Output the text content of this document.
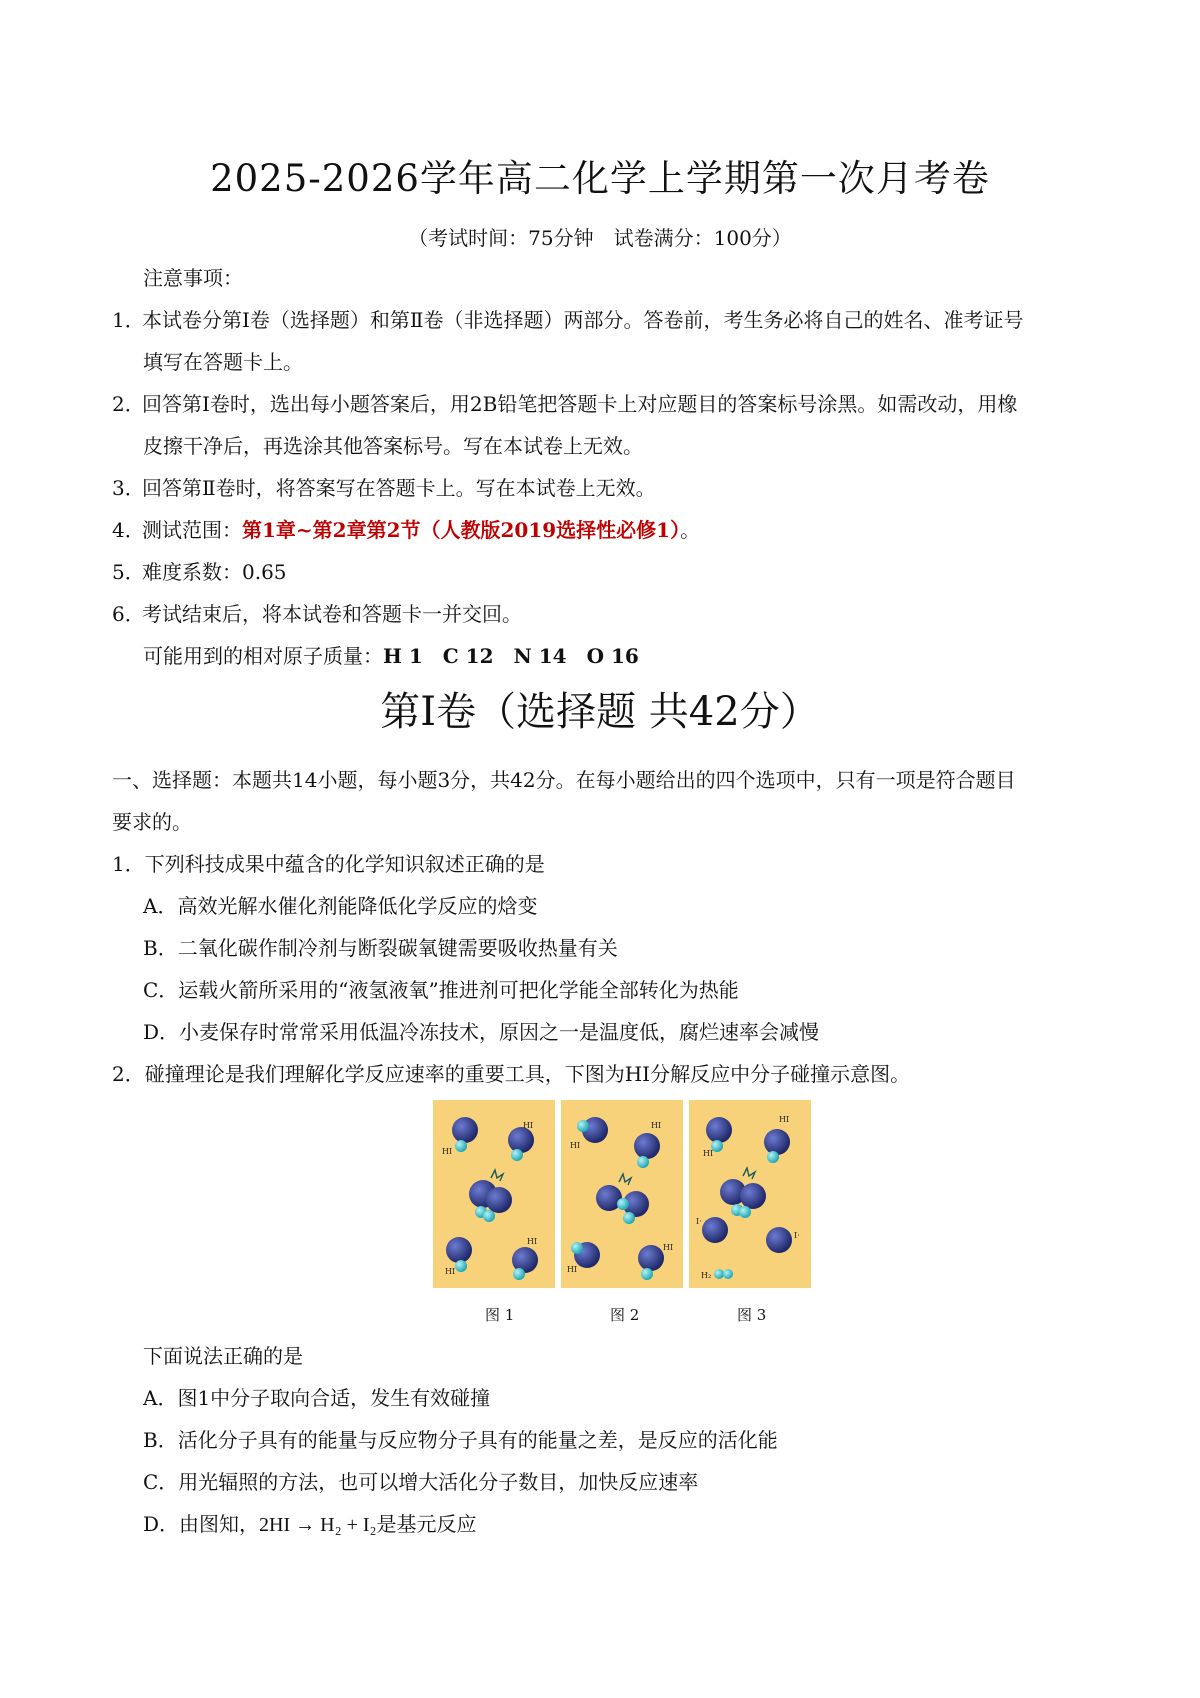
2025-2026学年高二化学上学期第一次月考卷
（考试时间：75分钟　试卷满分：100分）
注意事项：
1．本试卷分第Ⅰ卷（选择题）和第Ⅱ卷（非选择题）两部分。答卷前，考生务必将自己的姓名、准考证号
填写在答题卡上。
2．回答第Ⅰ卷时，选出每小题答案后，用2B铅笔把答题卡上对应题目的答案标号涂黑。如需改动，用橡
皮擦干净后，再选涂其他答案标号。写在本试卷上无效。
3．回答第Ⅱ卷时，将答案写在答题卡上。写在本试卷上无效。
4．测试范围：第1章~第2章第2节（人教版2019选择性必修1）。
5．难度系数：0.65
6．考试结束后，将本试卷和答题卡一并交回。
可能用到的相对原子质量：H 1　C 12　N 14　O 16
第Ⅰ卷（选择题 共42分）
一、选择题：本题共14小题，每小题3分，共42分。在每小题给出的四个选项中，只有一项是符合题目
要求的。
1．下列科技成果中蕴含的化学知识叙述正确的是
A．高效光解水催化剂能降低化学反应的焓变
B．二氧化碳作制冷剂与断裂碳氧键需要吸收热量有关
C．运载火箭所采用的“液氢液氧”推进剂可把化学能全部转化为热能
D．小麦保存时常常采用低温冷冻技术，原因之一是温度低，腐烂速率会减慢
2．碰撞理论是我们理解化学反应速率的重要工具，下图为HI分解反应中分子碰撞示意图。
HI
HI
HI
HI
HI
HI
HI
HI
HI
HI
I·
I·
H₂
图 1	图 2	图 3
下面说法正确的是
A．图1中分子取向合适，发生有效碰撞
B．活化分子具有的能量与反应物分子具有的能量之差，是反应的活化能
C．用光辐照的方法，也可以增大活化分子数目，加快反应速率
D．由图知，2HI → H₂ + I₂是基元反应
